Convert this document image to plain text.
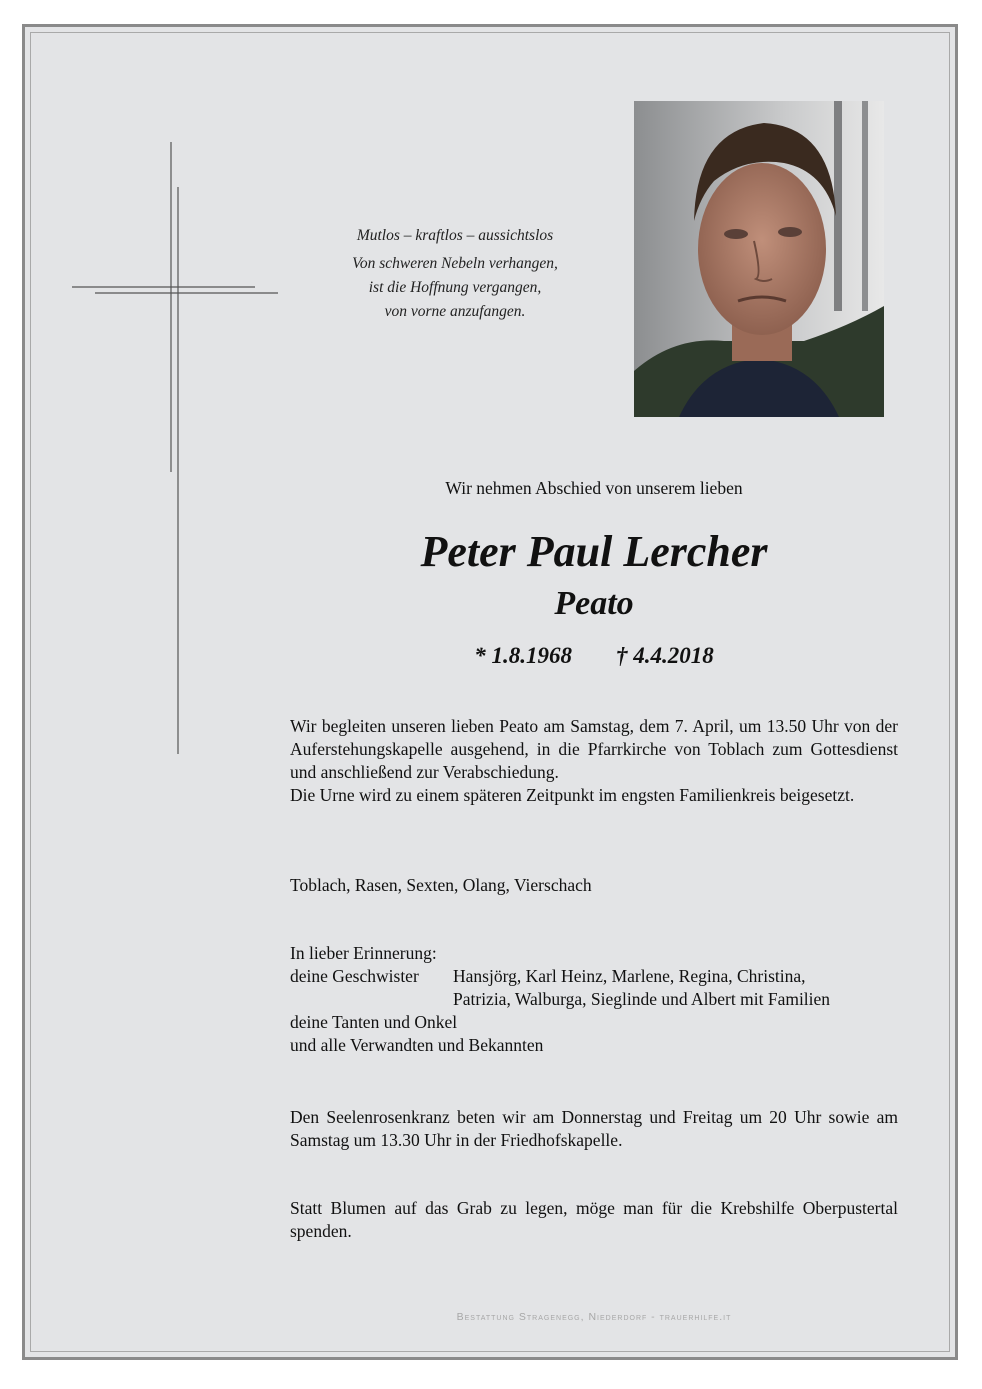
Mutlos – kraftlos – aussichtslos
Von schweren Nebeln verhangen,
ist die Hoffnung vergangen,
von vorne anzufangen.
Wir nehmen Abschied von unserem lieben
Peter Paul Lercher
Peato
* 1.8.1968 † 4.4.2018

Wir begleiten unseren lieben Peato am Samstag, dem 7. April, um 13.50 Uhr von der Auferstehungskapelle ausgehend, in die Pfarrkirche von Toblach zum Gottesdienst und anschließend zur Verabschiedung.

Die Urne wird zu einem späteren Zeitpunkt im engsten Familienkreis beigesetzt.

Toblach, Rasen, Sexten, Olang, Vierschach
In lieber Erinnerung:
deine Geschwister	Hansjörg, Karl Heinz, Marlene, Regina, Christina,
Patrizia, Walburga, Sieglinde und Albert mit Familien
deine Tanten und Onkel
und alle Verwandten und Bekannten

Den Seelenrosenkranz beten wir am Donnerstag und Freitag um 20 Uhr sowie am Samstag um 13.30 Uhr in der Friedhofskapelle.

Statt Blumen auf das Grab zu legen, möge man für die Krebshilfe Oberpustertal spenden.

Bestattung Stragenegg, Niederdorf - trauerhilfe.it
